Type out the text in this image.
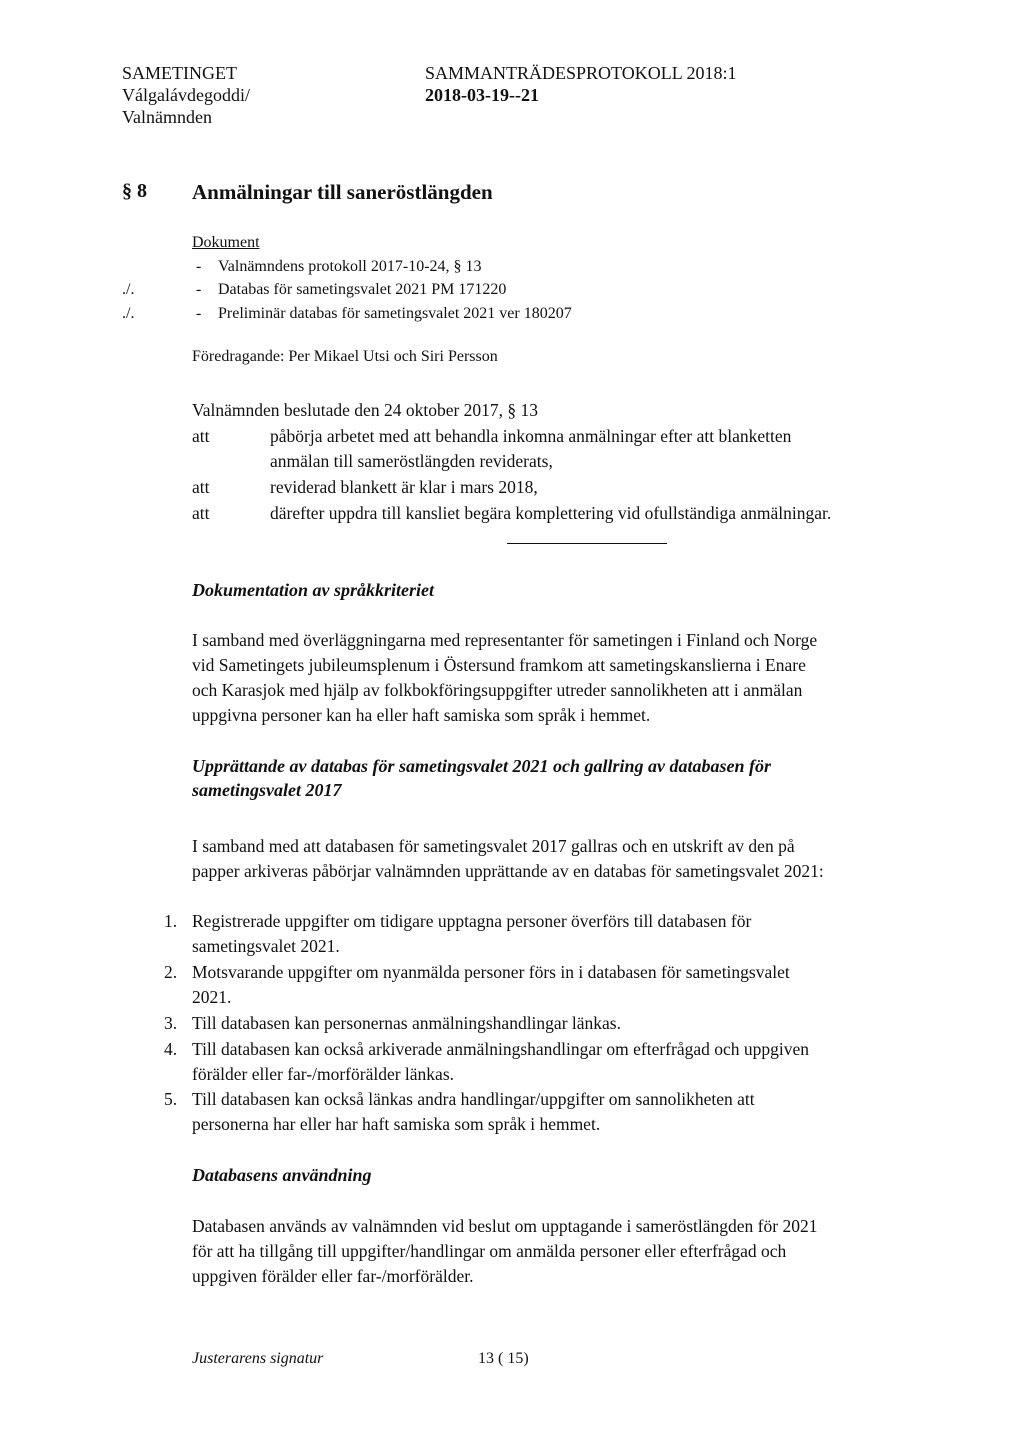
SAMETINGET
Válgalávdegoddi/
Valnämnden
SAMMANTRÄDESPROTOKOLL 2018:1
2018-03-19--21
§ 8 Anmälningar till saneröstlängden
Dokument
- Valnämndens protokoll 2017-10-24, § 13
./.	- Databas för sametingsvalet 2021 PM 171220
./.	- Preliminär databas för sametingsvalet 2021 ver 180207
Föredragande: Per Mikael Utsi och Siri Persson
Valnämnden beslutade den 24 oktober 2017, § 13
att	påbörja arbetet med att behandla inkomna anmälningar efter att blanketten
anmälan till sameröstlängden reviderats,
att	reviderad blankett är klar i mars 2018,
att	därefter uppdra till kansliet begära komplettering vid ofullständiga anmälningar.
Dokumentation av språkkriteriet
I samband med överläggningarna med representanter för sametingen i Finland och Norge
vid Sametingets jubileumsplenum i Östersund framkom att sametingskanslierna i Enare
och Karasjok med hjälp av folkbokföringsuppgifter utreder sannolikheten att i anmälan
uppgivna personer kan ha eller haft samiska som språk i hemmet.
Upprättande av databas för sametingsvalet 2021 och gallring av databasen för
sametingsvalet 2017
I samband med att databasen för sametingsvalet 2017 gallras och en utskrift av den på
papper arkiveras påbörjar valnämnden upprättande av en databas för sametingsvalet 2021:
1. Registrerade uppgifter om tidigare upptagna personer överförs till databasen för
sametingsvalet 2021.
2. Motsvarande uppgifter om nyanmälda personer förs in i databasen för sametingsvalet
2021.
3. Till databasen kan personernas anmälningshandlingar länkas.
4. Till databasen kan också arkiverade anmälningshandlingar om efterfrågad och uppgiven
förälder eller far-/morförälder länkas.
5. Till databasen kan också länkas andra handlingar/uppgifter om sannolikheten att
personerna har eller har haft samiska som språk i hemmet.
Databasens användning
Databasen används av valnämnden vid beslut om upptagande i sameröstlängden för 2021
för att ha tillgång till uppgifter/handlingar om anmälda personer eller efterfrågad och
uppgiven förälder eller far-/morförälder.
Justerarens signatur	13 ( 15)
